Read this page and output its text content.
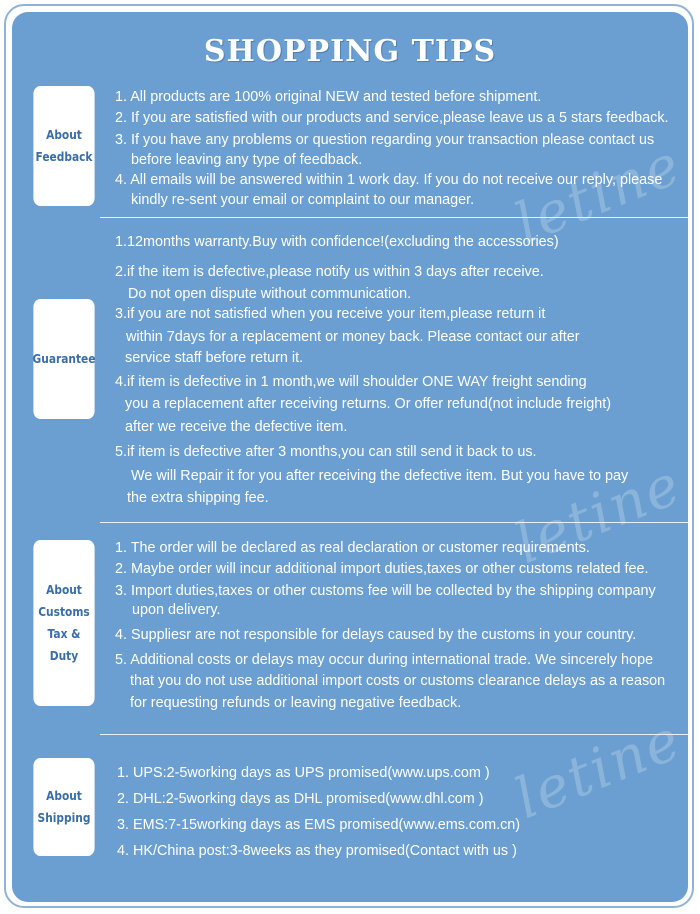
SHOPPING TIPS
letine
letine
letine
About
Feedback
1. All products are 100% original NEW and tested before shipment.
2. If you are satisfied with our products and service,please leave us a 5 stars feedback.
3. If you have any problems or question regarding your transaction please contact us
before leaving any type of feedback.
4. All emails will be answered within 1 work day. If you do not receive our reply, please
kindly re-sent your email or complaint to our manager.
Guarantee
1.12months warranty.Buy with confidence!(excluding the accessories)
2.if the item is defective,please notify us within 3 days after receive.
Do not open dispute without communication.
3.if you are not satisfied when you receive your item,please return it
within 7days for a replacement or money back. Please contact our after
service staff before return it.
4.if item is defective in 1 month,we will shoulder ONE WAY freight sending
you a replacement after receiving returns. Or offer refund(not include freight)
after we receive the defective item.
5.if item is defective after 3 months,you can still send it back to us.
We will Repair it for you after receiving the defective item. But you have to pay
the extra shipping fee.
About
Customs
Tax & Duty
1. The order will be declared as real declaration or customer requirements.
2. Maybe order will incur additional import duties,taxes or other customs related fee.
3. Import duties,taxes or other customs fee will be collected by the shipping company
upon delivery.
4. Suppliesr are not responsible for delays caused by the customs in your country.
5. Additional costs or delays may occur during international trade. We sincerely hope
that you do not use additional import costs or customs clearance delays as a reason
for requesting refunds or leaving negative feedback.
About
Shipping
1. UPS:2-5working days as UPS promised(www.ups.com )
2. DHL:2-5working days as DHL promised(www.dhl.com )
3. EMS:7-15working days as EMS promised(www.ems.com.cn)
4. HK/China post:3-8weeks as they promised(Contact with us )
